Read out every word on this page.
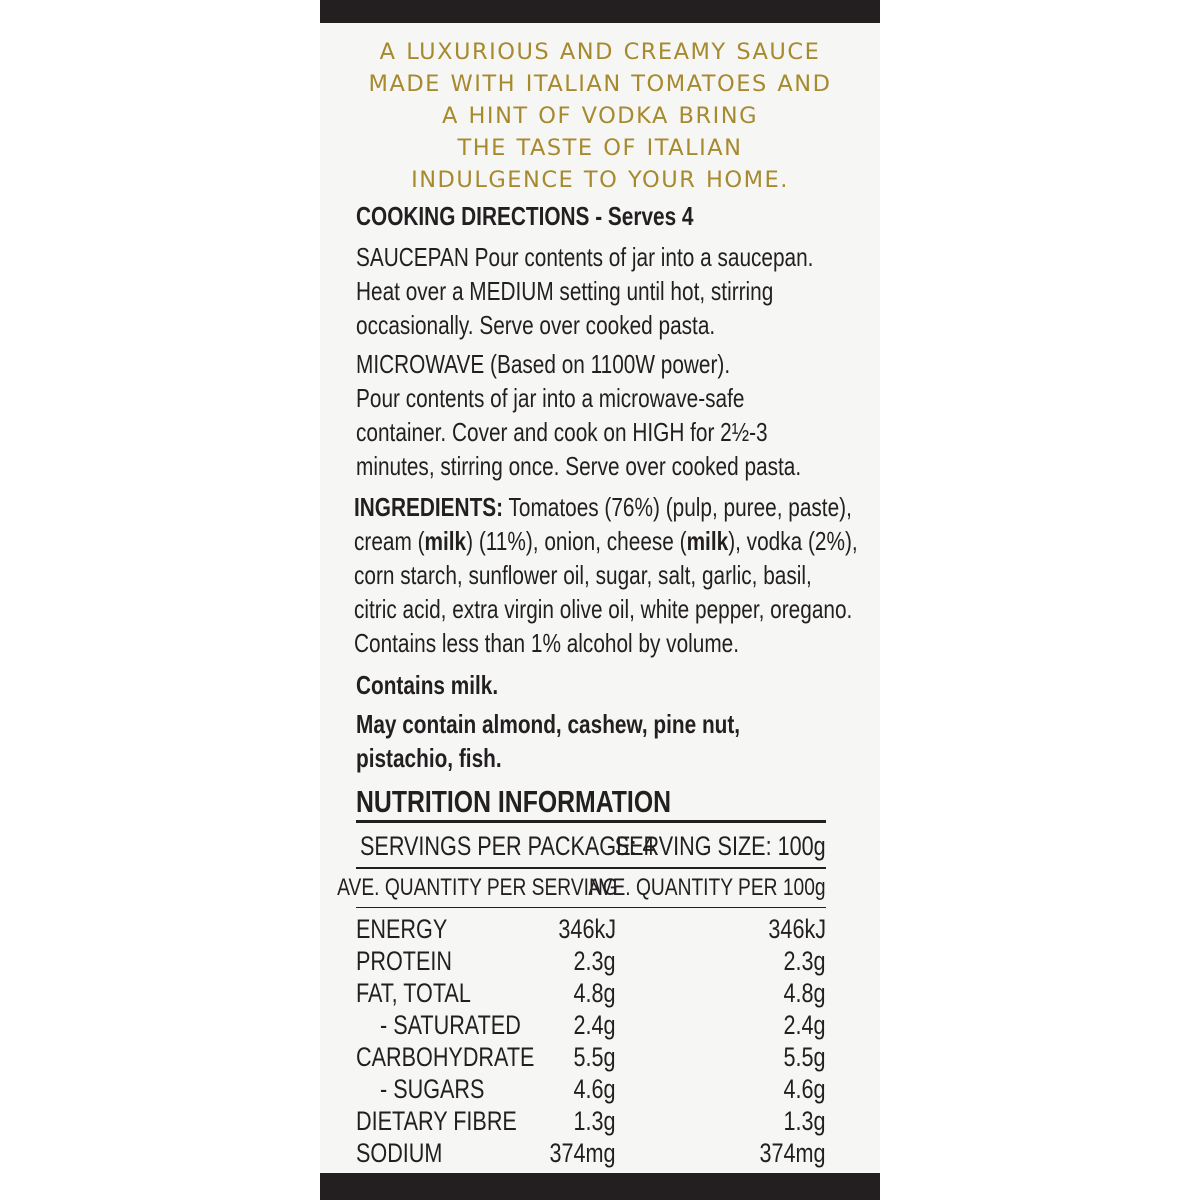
A LUXURIOUS AND CREAMY SAUCE
MADE WITH ITALIAN TOMATOES AND
A HINT OF VODKA BRING
THE TASTE OF ITALIAN
INDULGENCE TO YOUR HOME.
COOKING DIRECTIONS - Serves 4
SAUCEPAN Pour contents of jar into a saucepan.
Heat over a MEDIUM setting until hot, stirring
occasionally. Serve over cooked pasta.
MICROWAVE (Based on 1100W power).
Pour contents of jar into a microwave-safe
container. Cover and cook on HIGH for 2½-3
minutes, stirring once. Serve over cooked pasta.
INGREDIENTS: Tomatoes (76%) (pulp, puree, paste),
cream (milk) (11%), onion, cheese (milk), vodka (2%),
corn starch, sunflower oil, sugar, salt, garlic, basil,
citric acid, extra virgin olive oil, white pepper, oregano.
Contains less than 1% alcohol by volume.
Contains milk.
May contain almond, cashew, pine nut,
pistachio, fish.
NUTRITION INFORMATION
SERVINGS PER PACKAGE: 4
SERVING SIZE: 100g
AVE. QUANTITY PER SERVING
AVE. QUANTITY PER 100g
ENERGY	346kJ	346kJ
PROTEIN	2.3g	2.3g
FAT, TOTAL	4.8g	4.8g
- SATURATED 2.4g	2.4g
CARBOHYDRATE 5.5g	5.5g
- SUGARS	4.6g	4.6g
DIETARY FIBRE 1.3g	1.3g
SODIUM	374mg	374mg
